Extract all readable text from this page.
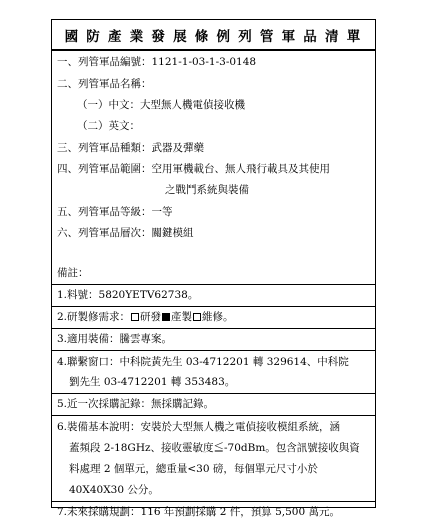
國防產業發展條例列管軍品清單
一、列管軍品編號：1121-1-03-1-3-0148
二、列管軍品名稱：
（一）中文：大型無人機電偵接收機
（二）英文：
三、列管軍品種類：武器及彈藥
四、列管軍品範圍：空用軍機載台、無人飛行載具及其使用
之戰鬥系統與裝備
五、列管軍品等級：一等
六、列管軍品層次：關鍵模組
備註：
1.料號：5820YETV62738。
2.研製修需求： 研發 產製 維修。
3.適用裝備：騰雲專案。
4.聯繫窗口：中科院黃先生 03-4712201 轉 329614、中科院
劉先生 03-4712201 轉 353483。
5.近一次採購記錄：無採購記錄。
6.裝備基本說明：安裝於大型無人機之電偵接收模組系統，涵
蓋頻段 2-18GHz、接收靈敏度≦-70dBm。包含訊號接收與資
料處理 2 個單元，總重量<30 磅，每個單元尺寸小於
40X40X30 公分。
7.未來採購規劃：116 年預劃採購 2 件，預算 5,500 萬元。
